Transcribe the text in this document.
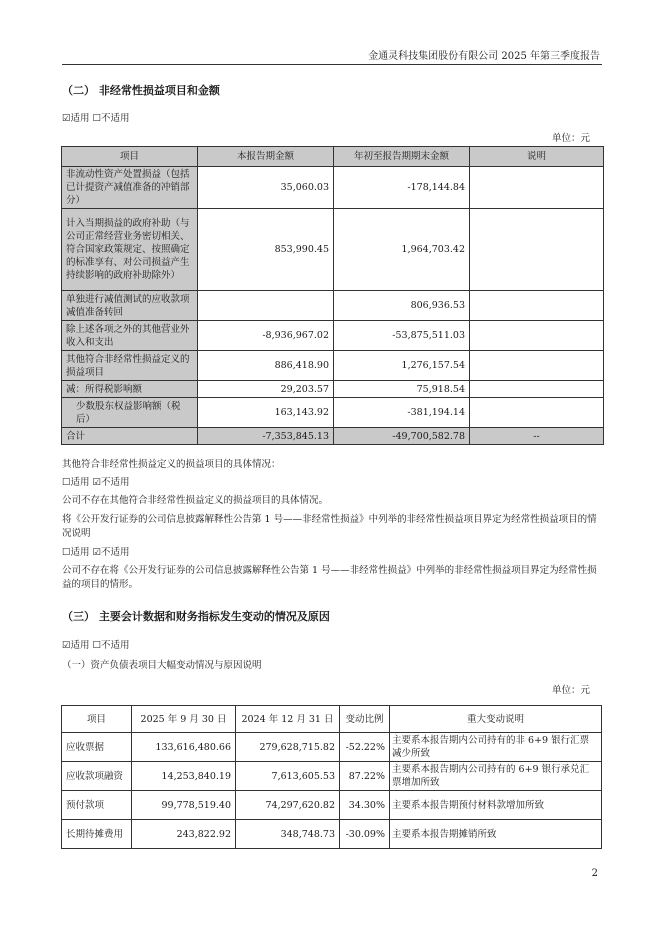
金通灵科技集团股份有限公司 2025 年第三季度报告
（二） 非经常性损益项目和金额
☑适用 ☐不适用
单位：元
项目	本报告期金额	年初至报告期期末金额	说明
非流动性资产处置损益（包括已计提资产减值准备的冲销部分）	35,060.03	-178,144.84	
计入当期损益的政府补助（与公司正常经营业务密切相关、符合国家政策规定、按照确定的标准享有、对公司损益产生持续影响的政府补助除外）	853,990.45	1,964,703.42	
单独进行减值测试的应收款项减值准备转回		806,936.53	
除上述各项之外的其他营业外收入和支出	-8,936,967.02	-53,875,511.03	
其他符合非经常性损益定义的损益项目	886,418.90	1,276,157.54	
减：所得税影响额	29,203.57	75,918.54	
少数股东权益影响额（税后）	163,143.92	-381,194.14	
合计	-7,353,845.13	-49,700,582.78	--
其他符合非经常性损益定义的损益项目的具体情况：
☐适用 ☑不适用
公司不存在其他符合非经常性损益定义的损益项目的具体情况。
将《公开发行证券的公司信息披露解释性公告第 1 号——非经常性损益》中列举的非经常性损益项目界定为经常性损益项目的情况说明
☐适用 ☑不适用
公司不存在将《公开发行证券的公司信息披露解释性公告第 1 号——非经常性损益》中列举的非经常性损益项目界定为经常性损益的项目的情形。
（三） 主要会计数据和财务指标发生变动的情况及原因
☑适用 ☐不适用
（一）资产负债表项目大幅变动情况与原因说明
单位：元
项目	2025 年 9 月 30 日	2024 年 12 月 31 日	变动比例	重大变动说明
应收票据	133,616,480.66	279,628,715.82	-52.22%	主要系本报告期内公司持有的非 6+9 银行汇票减少所致
应收款项融资	14,253,840.19	7,613,605.53	87.22%	主要系本报告期内公司持有的 6+9 银行承兑汇票增加所致
预付款项	99,778,519.40	74,297,620.82	34.30%	主要系本报告期预付材料款增加所致
长期待摊费用	243,822.92	348,748.73	-30.09%	主要系本报告期摊销所致
2
